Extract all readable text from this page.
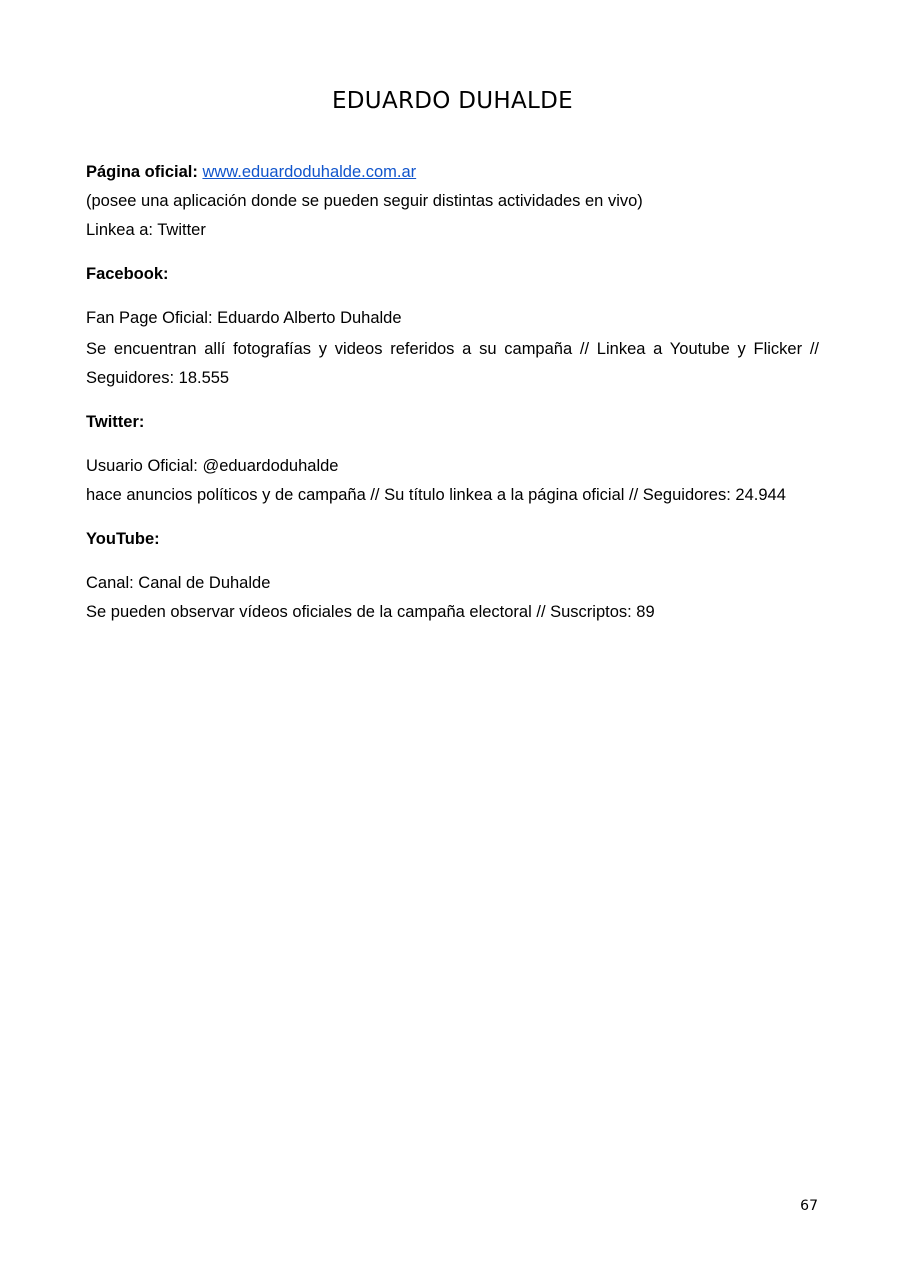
EDUARDO DUHALDE

Página oficial: www.eduardoduhalde.com.ar

(posee una aplicación donde se pueden seguir distintas actividades en vivo)

Linkea a: Twitter

Facebook:

Fan Page Oficial: Eduardo Alberto Duhalde

Se encuentran allí fotografías y videos referidos a su campaña // Linkea a Youtube y Flicker //

Seguidores: 18.555

Twitter:

Usuario Oficial: @eduardoduhalde

hace anuncios políticos y de campaña // Su título linkea a la página oficial // Seguidores: 24.944

YouTube:

Canal: Canal de Duhalde

Se pueden observar vídeos oficiales de la campaña electoral // Suscriptos: 89

67
